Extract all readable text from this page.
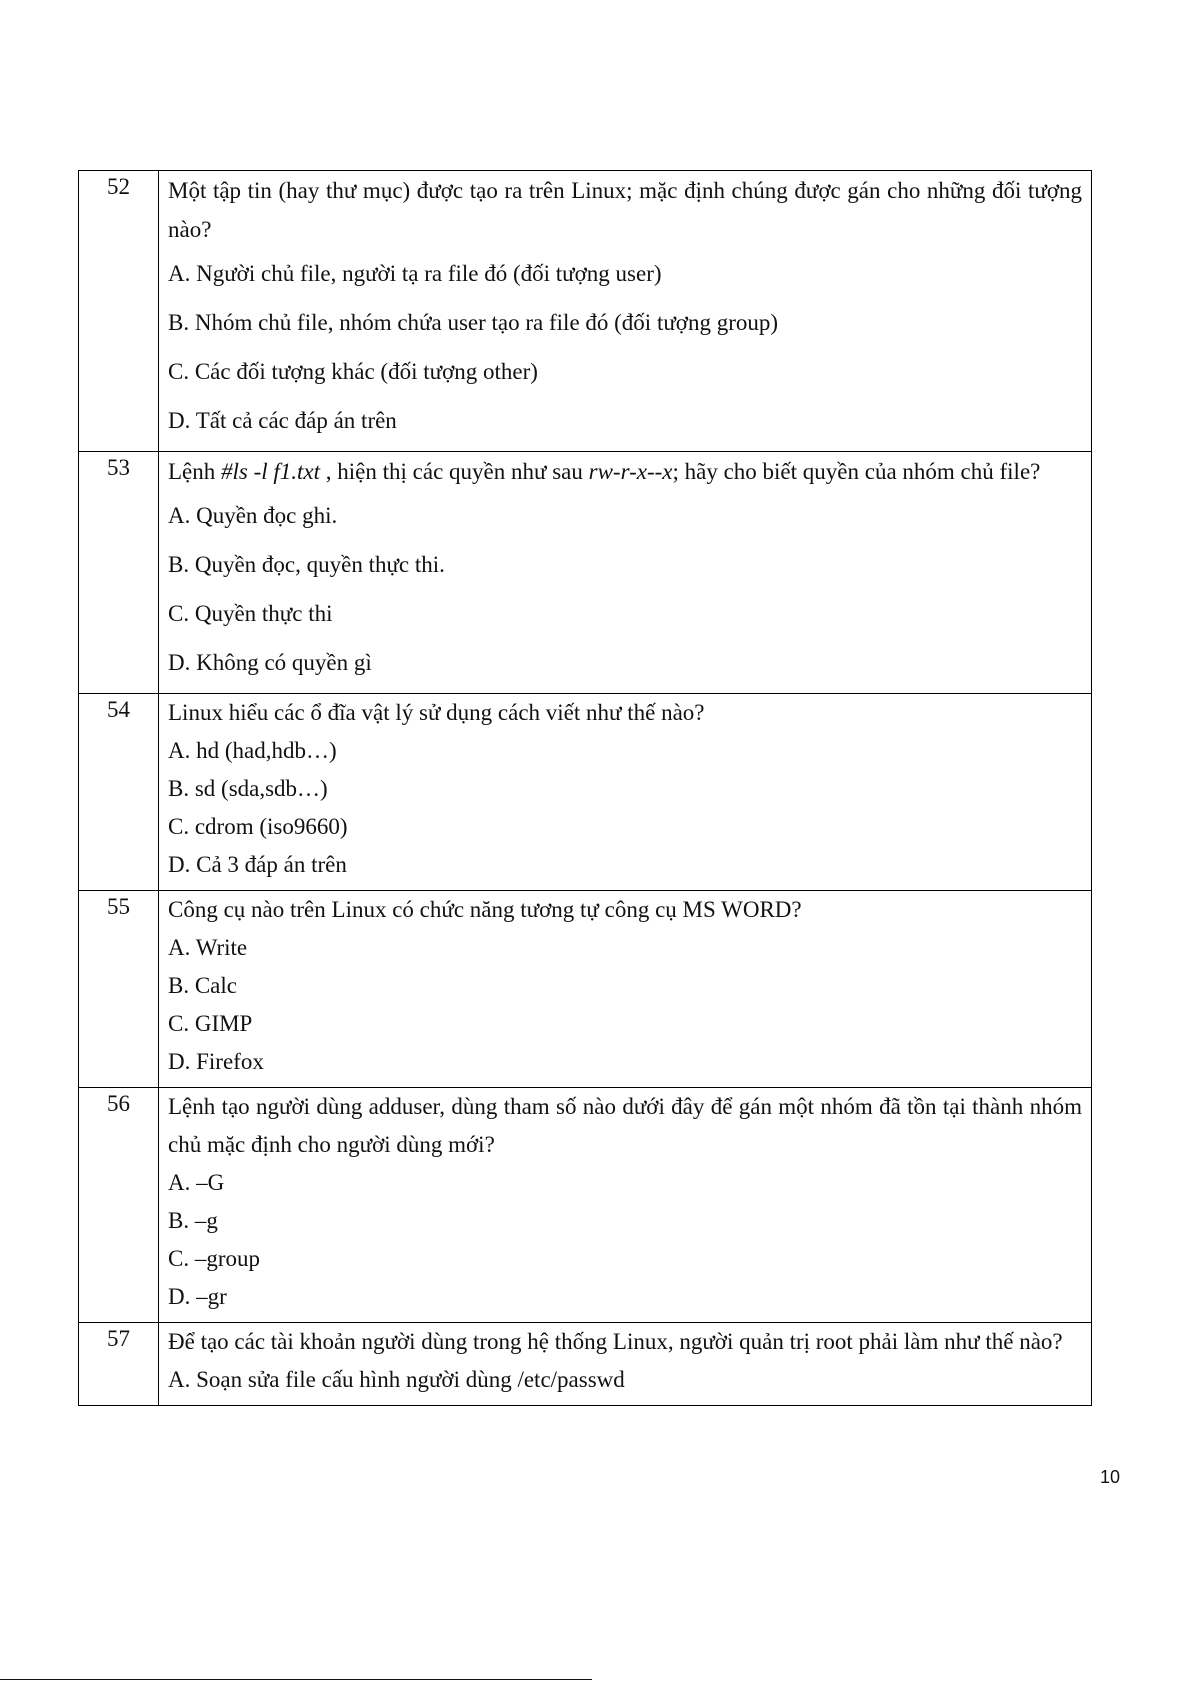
52	Một tập tin (hay thư mục) được tạo ra trên Linux; mặc định chúng được gán cho những đối tượng nào?
A. Người chủ file, người tạ ra file đó (đối tượng user)
B. Nhóm chủ file, nhóm chứa user tạo ra file đó (đối tượng group)
C. Các đối tượng khác (đối tượng other)
D. Tất cả các đáp án trên

53	Lệnh #ls -l f1.txt , hiện thị các quyền như sau rw-r-x--x; hãy cho biết quyền của nhóm chủ file?
A. Quyền đọc ghi.
B. Quyền đọc, quyền thực thi.
C. Quyền thực thi
D. Không có quyền gì

54	Linux hiểu các ổ đĩa vật lý sử dụng cách viết như thế nào?
A. hd (had,hdb…)
B. sd (sda,sdb…)
C. cdrom (iso9660)
D. Cả 3 đáp án trên

55	Công cụ nào trên Linux có chức năng tương tự công cụ MS WORD?
A. Write
B. Calc
C. GIMP
D. Firefox

56	Lệnh tạo người dùng adduser, dùng tham số nào dưới đây để gán một nhóm đã tồn tại thành nhóm chủ mặc định cho người dùng mới?
A. –G
B. –g
C. –group
D. –gr

57	Để tạo các tài khoản người dùng trong hệ thống Linux, người quản trị root phải làm như thế nào?
A. Soạn sửa file cấu hình người dùng /etc/passwd
10
